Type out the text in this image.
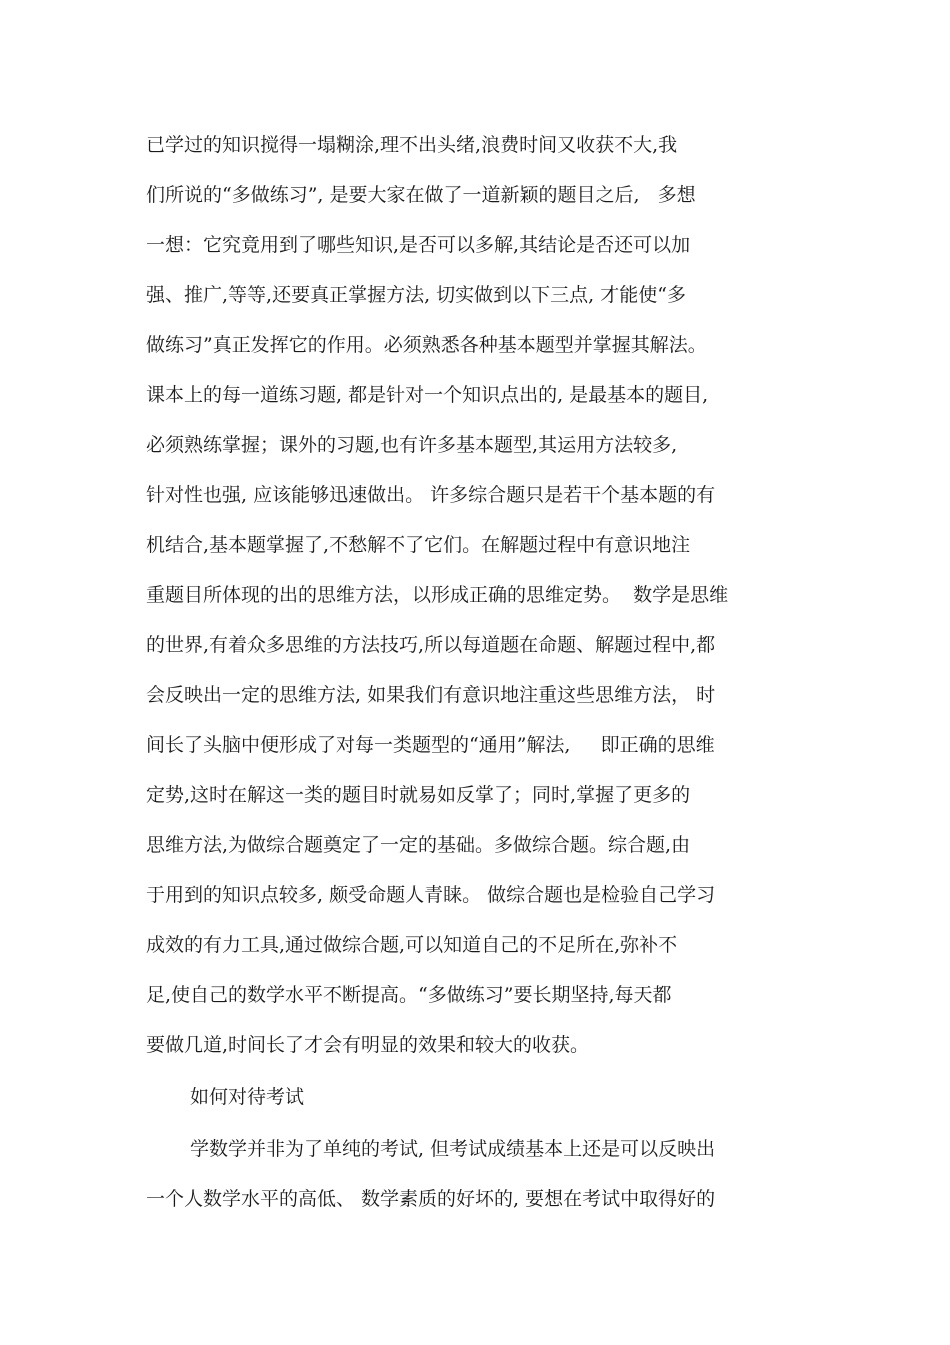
已学过的知识搅得一塌糊涂,理不出头绪,浪费时间又收获不大,我
们所说的“多做练习”, 是要大家在做了一道新颖的题目之后,   多想
一想：它究竟用到了哪些知识,是否可以多解,其结论是否还可以加
强、推广,等等,还要真正掌握方法, 切实做到以下三点, 才能使“多
做练习”真正发挥它的作用。必须熟悉各种基本题型并掌握其解法。
课本上的每一道练习题, 都是针对一个知识点出的, 是最基本的题目,
必须熟练掌握；课外的习题,也有许多基本题型,其运用方法较多,
针对性也强, 应该能够迅速做出。 许多综合题只是若干个基本题的有
机结合,基本题掌握了,不愁解不了它们。在解题过程中有意识地注
重题目所体现的出的思维方法，以形成正确的思维定势。  数学是思维
的世界,有着众多思维的方法技巧,所以每道题在命题、解题过程中,都
会反映出一定的思维方法, 如果我们有意识地注重这些思维方法， 时
间长了头脑中便形成了对每一类题型的“通用”解法,     即正确的思维
定势,这时在解这一类的题目时就易如反掌了；同时,掌握了更多的
思维方法,为做综合题奠定了一定的基础。多做综合题。综合题,由
于用到的知识点较多, 颇受命题人青睐。 做综合题也是检验自己学习
成效的有力工具,通过做综合题,可以知道自己的不足所在,弥补不
足,使自己的数学水平不断提高。“多做练习”要长期坚持,每天都
要做几道,时间长了才会有明显的效果和较大的收获。
如何对待考试
学数学并非为了单纯的考试, 但考试成绩基本上还是可以反映出
一个人数学水平的高低、 数学素质的好坏的, 要想在考试中取得好的
